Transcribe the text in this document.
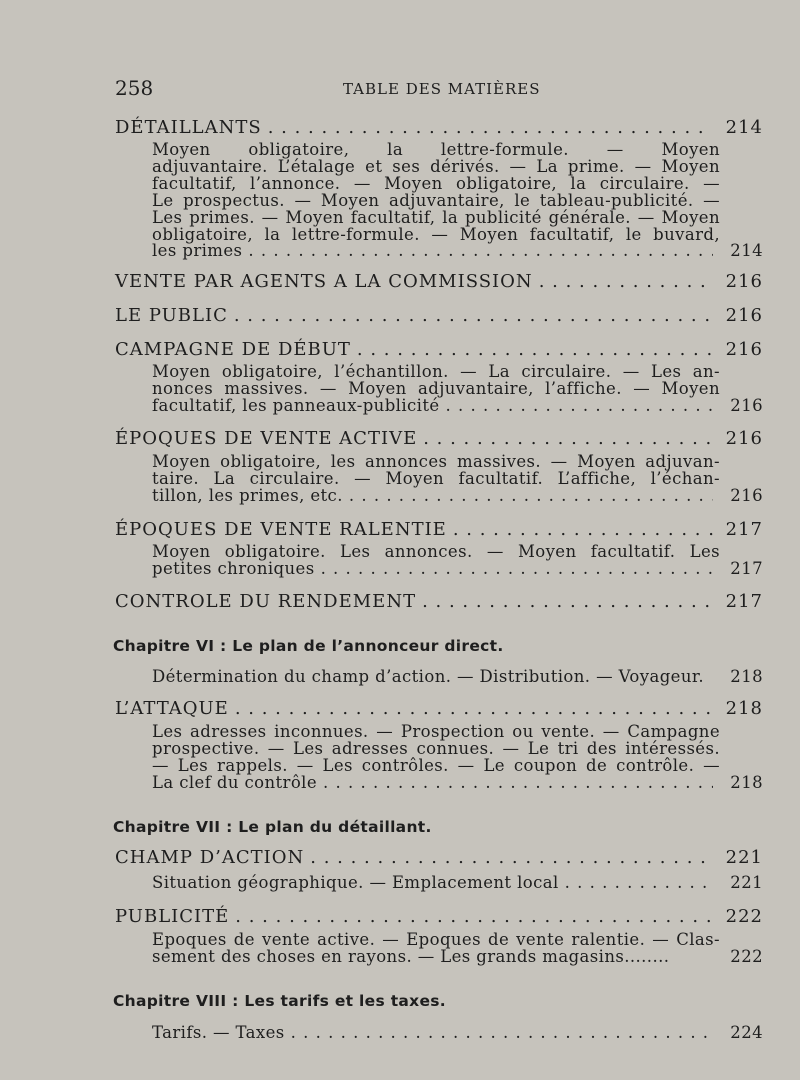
258	TABLE DES MATIÈRES
DÉTAILLANTS . . .	214
Moyen obligatoire, la lettre-formule. — Moyen
adjuvantaire. L’étalage et ses dérivés. — La prime. — Moyen
facultatif, l’annonce. — Moyen obligatoire, la circulaire. —
Le prospectus. — Moyen adjuvantaire, le tableau-publicité. —
Les primes. — Moyen facultatif, la publicité générale. — Moyen
obligatoire, la lettre-formule. — Moyen facultatif, le buvard,
les primes . . .	214
VENTE PAR AGENTS A LA COMMISSION . . .	216
LE PUBLIC . . .	216
CAMPAGNE DE DÉBUT . . .	216
Moyen obligatoire, l’échantillon. — La circulaire. — Les an-
nonces massives. — Moyen adjuvantaire, l’affiche. — Moyen
facultatif, les panneaux-publicité . . .	216
ÉPOQUES DE VENTE ACTIVE . . .	216
Moyen obligatoire, les annonces massives. — Moyen adjuvan-
taire. La circulaire. — Moyen facultatif. L’affiche, l’échan-
tillon, les primes, etc. . . .	216
ÉPOQUES DE VENTE RALENTIE . . .	217
Moyen obligatoire. Les annonces. — Moyen facultatif. Les
petites chroniques . . .	217
CONTROLE DU RENDEMENT . . .	217
Chapitre VI : Le plan de l’annonceur direct.
Détermination du champ d’action. — Distribution. — Voyageur.	218
L’ATTAQUE . . .	218
Les adresses inconnues. — Prospection ou vente. — Campagne
prospective. — Les adresses connues. — Le tri des intéressés.
— Les rappels. — Les contrôles. — Le coupon de contrôle. —
La clef du contrôle . . .	218
Chapitre VII : Le plan du détaillant.
CHAMP D’ACTION . . .	221
Situation géographique. — Emplacement local . . .	221
PUBLICITÉ . . .	222
Epoques de vente active. — Epoques de vente ralentie. — Clas-
sement des choses en rayons. — Les grands magasins........	222
Chapitre VIII : Les tarifs et les taxes.
Tarifs. — Taxes . . .	224
